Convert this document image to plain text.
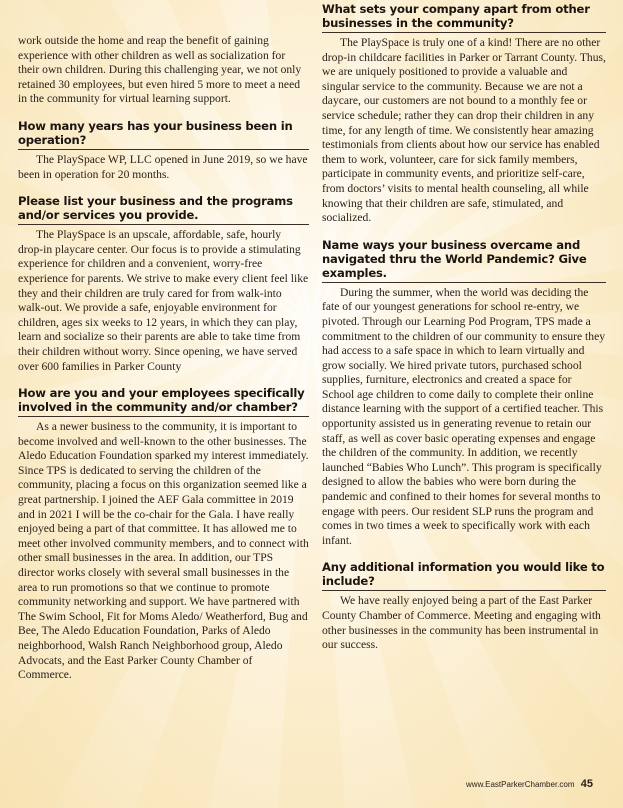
work outside the home and reap the benefit of gaining experience with other children as well as socialization for their own children. During this challenging year, we not only retained 30 employees, but even hired 5 more to meet a need in the community for virtual learning support.

How many years has your business been in operation?

The PlaySpace WP, LLC opened in June 2019, so we have been in operation for 20 months.

Please list your business and the programs and/or services you provide.

The PlaySpace is an upscale, affordable, safe, hourly drop-in playcare center. Our focus is to provide a stimulating experience for children and a convenient, worry-free experience for parents. We strive to make every client feel like they and their children are truly cared for from walk-into walk-out. We provide a safe, enjoyable environment for children, ages six weeks to 12 years, in which they can play, learn and socialize so their parents are able to take time from their children without worry. Since opening, we have served over 600 families in Parker County

How are you and your employees specifically involved in the community and/or chamber?

As a newer business to the community, it is important to become involved and well-known to the other businesses. The Aledo Education Foundation sparked my interest immediately. Since TPS is dedicated to serving the children of the community, placing a focus on this organization seemed like a great partnership. I joined the AEF Gala committee in 2019 and in 2021 I will be the co-chair for the Gala. I have really enjoyed being a part of that committee. It has allowed me to meet other involved community members, and to connect with other small businesses in the area. In addition, our TPS director works closely with several small businesses in the area to run promotions so that we continue to promote community networking and support. We have partnered with The Swim School, Fit for Moms Aledo/ Weatherford, Bug and Bee, The Aledo Education Foundation, Parks of Aledo neighborhood, Walsh Ranch Neighborhood group, Aledo Advocats, and the East Parker County Chamber of Commerce.

What sets your company apart from other businesses in the community?

The PlaySpace is truly one of a kind! There are no other drop-in childcare facilities in Parker or Tarrant County. Thus, we are uniquely positioned to provide a valuable and singular service to the community. Because we are not a daycare, our customers are not bound to a monthly fee or service schedule; rather they can drop their children in any time, for any length of time. We consistently hear amazing testimonials from clients about how our service has enabled them to work, volunteer, care for sick family members, participate in community events, and prioritize self-care, from doctors’ visits to mental health counseling, all while knowing that their children are safe, stimulated, and socialized.

Name ways your business overcame and navigated thru the World Pandemic? Give examples.

During the summer, when the world was deciding the fate of our youngest generations for school re-entry, we pivoted. Through our Learning Pod Program, TPS made a commitment to the children of our community to ensure they had access to a safe space in which to learn virtually and grow socially. We hired private tutors, purchased school supplies, furniture, electronics and created a space for School age children to come daily to complete their online distance learning with the support of a certified teacher. This opportunity assisted us in generating revenue to retain our staff, as well as cover basic operating expenses and engage the children of the community. In addition, we recently launched “Babies Who Lunch”. This program is specifically designed to allow the babies who were born during the pandemic and confined to their homes for several months to engage with peers. Our resident SLP runs the program and comes in two times a week to specifically work with each infant.

Any additional information you would like to include?

We have really enjoyed being a part of the East Parker County Chamber of Commerce. Meeting and engaging with other businesses in the community has been instrumental in our success.

www.EastParkerChamber.com 45
